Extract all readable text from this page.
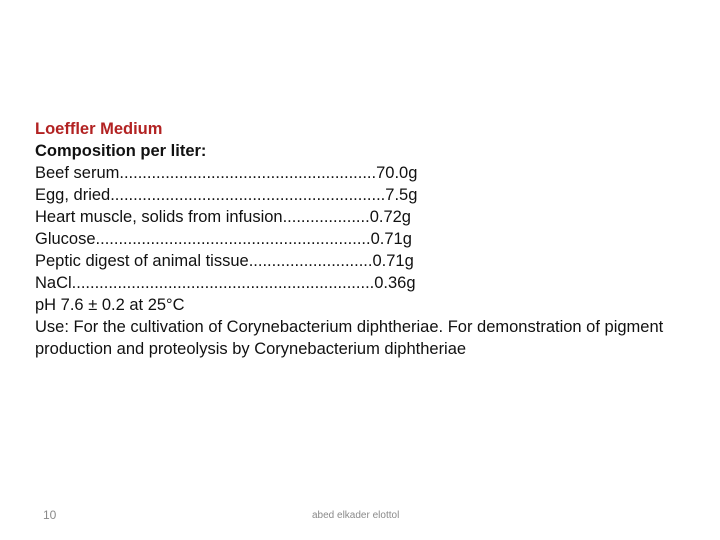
Loeffler Medium
Composition per liter:
Beef serum........................................................70.0g
Egg, dried............................................................7.5g
Heart muscle, solids from infusion...................0.72g
Glucose............................................................0.71g
Peptic digest of animal tissue...........................0.71g
NaCl..................................................................0.36g
pH 7.6 ± 0.2 at 25°C
Use: For the cultivation of Corynebacterium diphtheriae. For demonstration of pigment production and proteolysis by Corynebacterium diphtheriae
10	abed elkader elottol
